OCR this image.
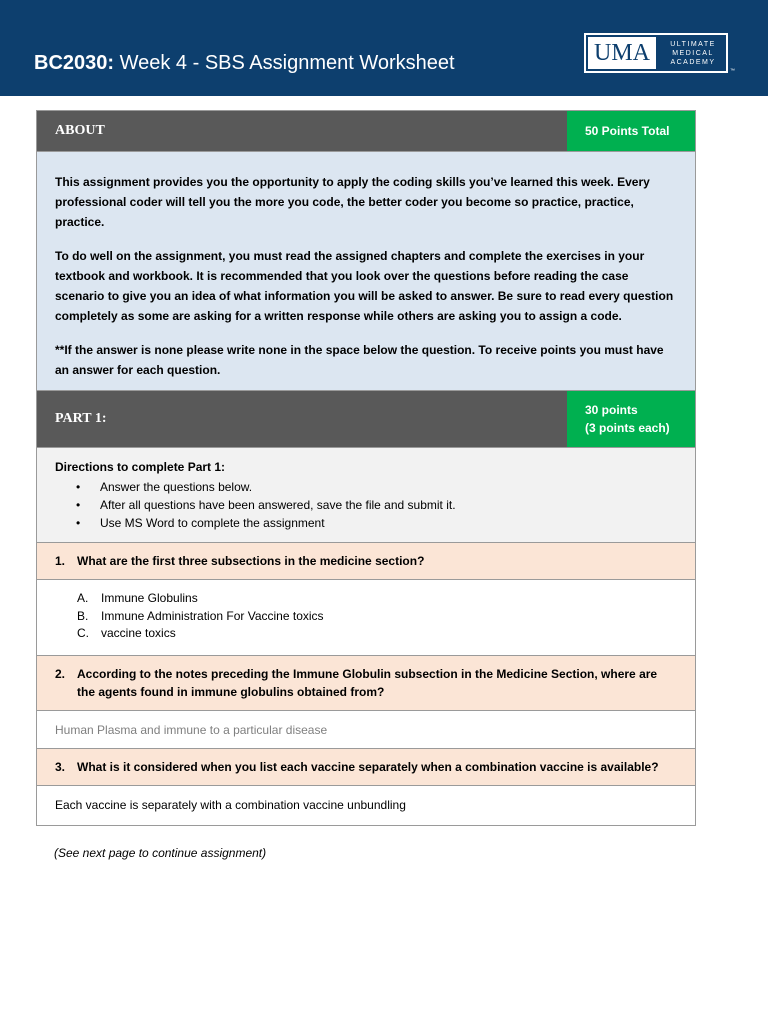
BC2030: Week 4 - SBS Assignment Worksheet	UMA	ULTIMATE
MEDICAL
ACADEMY
™
ABOUT	50 Points Total

This assignment provides you the opportunity to apply the coding skills you’ve learned this week. Every professional coder will tell you the more you code, the better coder you become so practice, practice, practice.

To do well on the assignment, you must read the assigned chapters and complete the exercises in your textbook and workbook. It is recommended that you look over the questions before reading the case scenario to give you an idea of what information you will be asked to answer. Be sure to read every question completely as some are asking for a written response while others are asking you to assign a code.

**If the answer is none please write none in the space below the question. To receive points you must have an answer for each question.

PART 1:
30 points
(3 points each)
Directions to complete Part 1:
• Answer the questions below.
• After all questions have been answered, save the file and submit it.
• Use MS Word to complete the assignment
1. What are the first three subsections in the medicine section?
A.	Immune Globulins
B.	Immune Administration For Vaccine toxics
C.	vaccine toxics
2. According to the notes preceding the Immune Globulin subsection in the Medicine Section, where are the agents found in immune globulins obtained from?
Human Plasma and immune to a particular disease
3. What is it considered when you list each vaccine separately when a combination vaccine is available?
Each vaccine is separately with a combination vaccine unbundling
(See next page to continue assignment)
